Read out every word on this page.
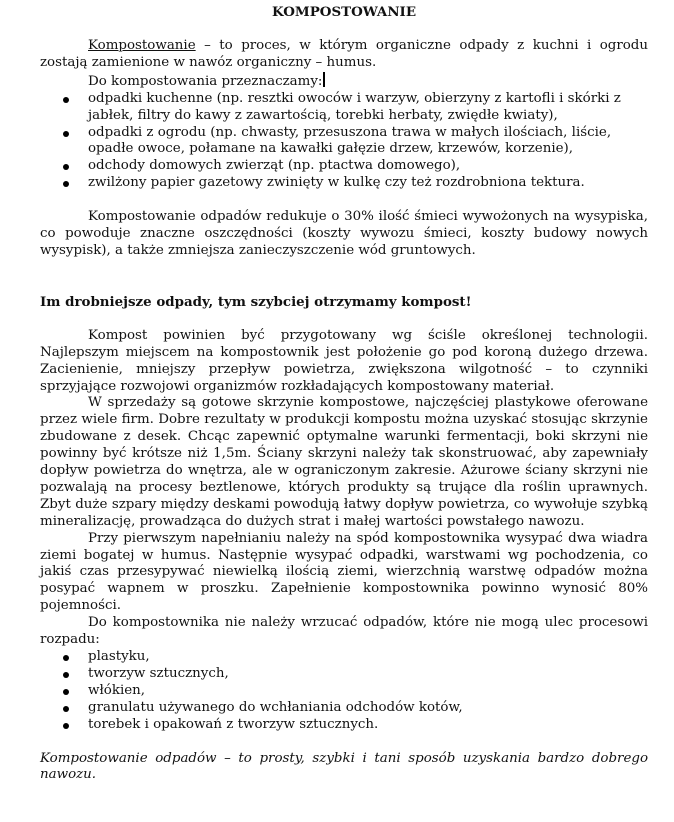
KOMPOSTOWANIE

Kompostowanie – to proces, w którym organiczne odpady z kuchni i ogrodu zostają zamienione w nawóz organiczny – humus.

Do kompostowania przeznaczamy:

odpadki kuchenne (np. resztki owoców i warzyw, obierzyny z kartofli i skórki z jabłek, filtry do kawy z zawartością, torebki herbaty, zwiędłe kwiaty),
odpadki z ogrodu (np. chwasty, przesuszona trawa w małych ilościach, liście, opadłe owoce, połamane na kawałki gałęzie drzew, krzewów, korzenie),
odchody domowych zwierząt (np. ptactwa domowego),
zwilżony papier gazetowy zwinięty w kulkę czy też rozdrobniona tektura.

Kompostowanie odpadów redukuje o 30% ilość śmieci wywożonych na wysypiska, co powoduje znaczne oszczędności (koszty wywozu śmieci, koszty budowy nowych wysypisk), a także zmniejsza zanieczyszczenie wód gruntowych.

Im drobniejsze odpady, tym szybciej otrzymamy kompost!

Kompost powinien być przygotowany wg ściśle określonej technologii. Najlepszym miejscem na kompostownik jest położenie go pod koroną dużego drzewa. Zacienienie, mniejszy przepływ powietrza, zwiększona wilgotność – to czynniki sprzyjające rozwojowi organizmów rozkładających kompostowany materiał.

W sprzedaży są gotowe skrzynie kompostowe, najczęściej plastykowe oferowane przez wiele firm. Dobre rezultaty w produkcji kompostu można uzyskać stosując skrzynie zbudowane z desek. Chcąc zapewnić optymalne warunki fermentacji, boki skrzyni nie powinny być krótsze niż 1,5m. Ściany skrzyni należy tak skonstruować, aby zapewniały dopływ powietrza do wnętrza, ale w ograniczonym zakresie. Ażurowe ściany skrzyni nie pozwalają na procesy beztlenowe, których produkty są trujące dla roślin uprawnych. Zbyt duże szpary między deskami powodują łatwy dopływ powietrza, co wywołuje szybką mineralizację, prowadząca do dużych strat i małej wartości powstałego nawozu.

Przy pierwszym napełnianiu należy na spód kompostownika wysypać dwa wiadra ziemi bogatej w humus. Następnie wysypać odpadki, warstwami wg pochodzenia, co jakiś czas przesypywać niewielką ilością ziemi, wierzchnią warstwę odpadów można posypać wapnem w proszku. Zapełnienie kompostownika powinno wynosić 80% pojemności.

Do kompostownika nie należy wrzucać odpadów, które nie mogą ulec procesowi rozpadu:

plastyku,
tworzyw sztucznych,
włókien,
granulatu używanego do wchłaniania odchodów kotów,
torebek i opakowań z tworzyw sztucznych.

Kompostowanie odpadów – to prosty, szybki i tani sposób uzyskania bardzo dobrego nawozu.
